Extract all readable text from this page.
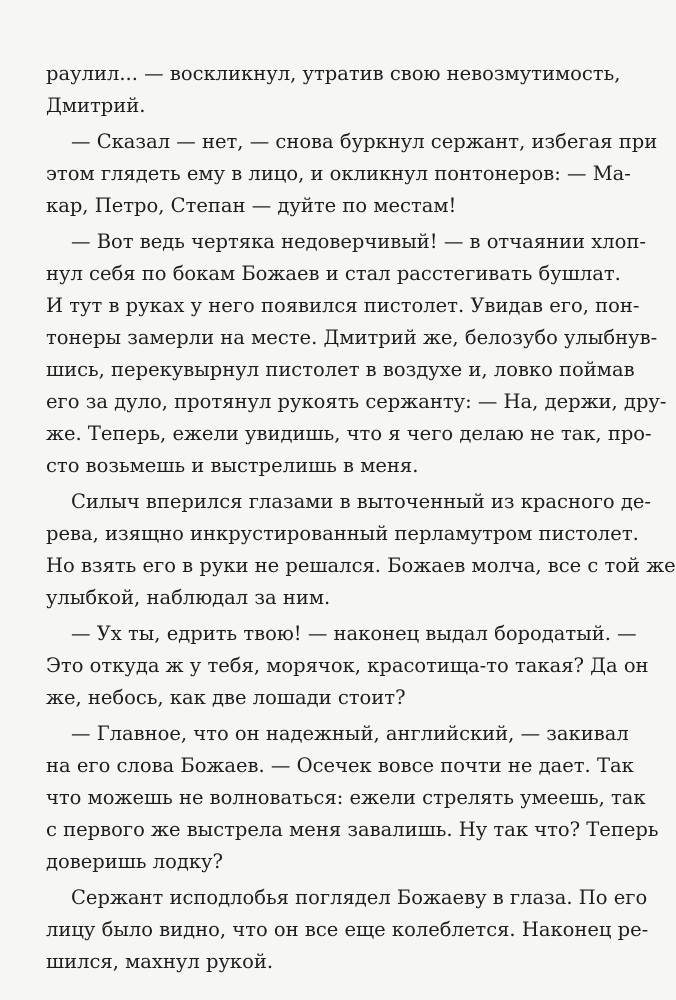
раулил... — воскликнул, утратив свою невозмутимость,
Дмитрий.
— Сказал — нет, — снова буркнул сержант, избегая при
этом глядеть ему в лицо, и окликнул понтонеров: — Ма-
кар, Петро, Степан — дуйте по местам!
— Вот ведь чертяка недоверчивый! — в отчаянии хлоп-
нул себя по бокам Божаев и стал расстегивать бушлат.
И тут в руках у него появился пистолет. Увидав его, пон-
тонеры замерли на месте. Дмитрий же, белозубо улыбнув-
шись, перекувырнул пистолет в воздухе и, ловко поймав
его за дуло, протянул рукоять сержанту: — На, держи, дру-
же. Теперь, ежели увидишь, что я чего делаю не так, про-
сто возьмешь и выстрелишь в меня.
Силыч вперился глазами в выточенный из красного де-
рева, изящно инкрустированный перламутром пистолет.
Но взять его в руки не решался. Божаев молча, все с той же
улыбкой, наблюдал за ним.
— Ух ты, едрить твою! — наконец выдал бородатый. —
Это откуда ж у тебя, морячок, красотища-то такая? Да он
же, небось, как две лошади стоит?
— Главное, что он надежный, английский, — закивал
на его слова Божаев. — Осечек вовсе почти не дает. Так
что можешь не волноваться: ежели стрелять умеешь, так
с первого же выстрела меня завалишь. Ну так что? Теперь
доверишь лодку?
Сержант исподлобья поглядел Божаеву в глаза. По его
лицу было видно, что он все еще колеблется. Наконец ре-
шился, махнул рукой.
